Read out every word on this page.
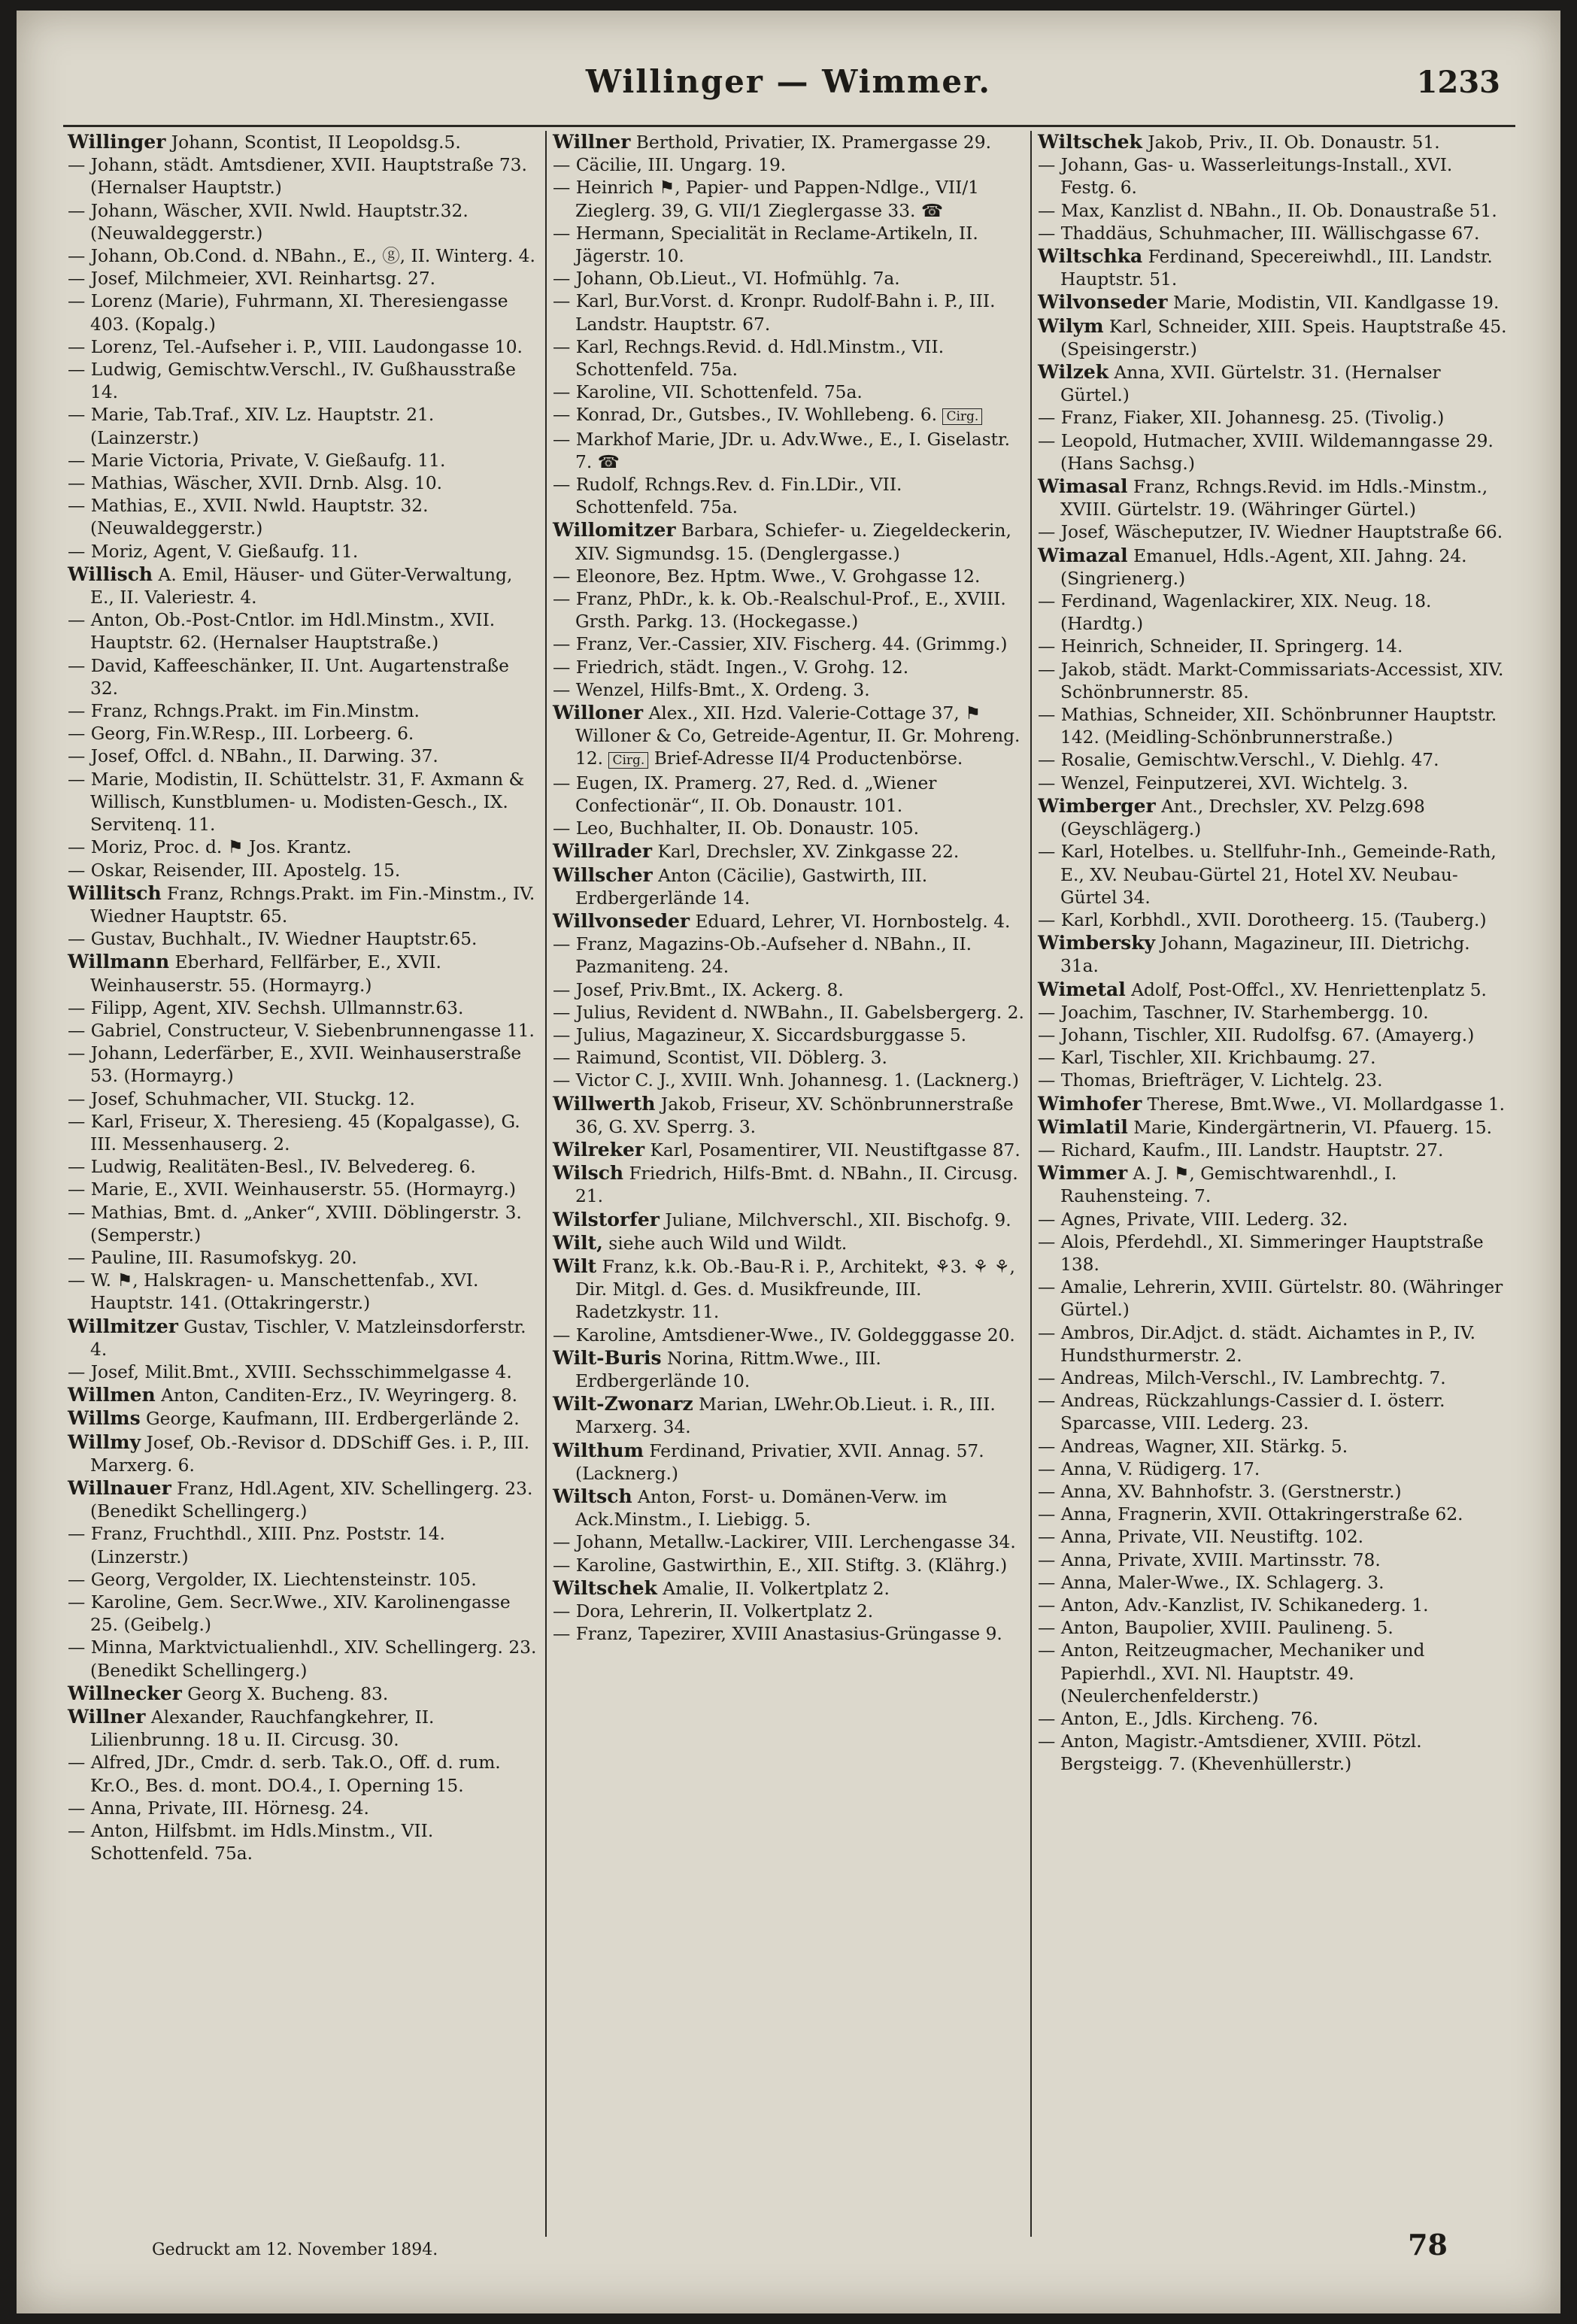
Willinger — Wimmer.	1233
Willinger Johann, Scontist, II Leopoldsg.5.
— Johann, städt. Amtsdiener, XVII. Hauptstraße 73. (Hernalser Hauptstr.)
— Johann, Wäscher, XVII. Nwld. Hauptstr.32. (Neuwaldeggerstr.)
— Johann, Ob.Cond. d. NBahn., E., ⓖ, II. Winterg. 4.
— Josef, Milchmeier, XVI. Reinhartsg. 27.
— Lorenz (Marie), Fuhrmann, XI. Theresiengasse 403. (Kopalg.)
— Lorenz, Tel.-Aufseher i. P., VIII. Laudongasse 10.
— Ludwig, Gemischtw.Verschl., IV. Gußhausstraße 14.
— Marie, Tab.Traf., XIV. Lz. Hauptstr. 21. (Lainzerstr.)
— Marie Victoria, Private, V. Gießaufg. 11.
— Mathias, Wäscher, XVII. Drnb. Alsg. 10.
— Mathias, E., XVII. Nwld. Hauptstr. 32. (Neuwaldeggerstr.)
— Moriz, Agent, V. Gießaufg. 11.
Willisch A. Emil, Häuser- und Güter-Verwaltung, E., II. Valeriestr. 4.
— Anton, Ob.-Post-Cntlor. im Hdl.Minstm., XVII. Hauptstr. 62. (Hernalser Hauptstraße.)
— David, Kaffeeschänker, II. Unt. Augartenstraße 32.
— Franz, Rchngs.Prakt. im Fin.Minstm.
— Georg, Fin.W.Resp., III. Lorbeerg. 6.
— Josef, Offcl. d. NBahn., II. Darwing. 37.
— Marie, Modistin, II. Schüttelstr. 31, F. Axmann & Willisch, Kunstblumen- u. Modisten-Gesch., IX. Servitenq. 11.
— Moriz, Proc. d. ⚑ Jos. Krantz.
— Oskar, Reisender, III. Apostelg. 15.
Willitsch Franz, Rchngs.Prakt. im Fin.-Minstm., IV. Wiedner Hauptstr. 65.
— Gustav, Buchhalt., IV. Wiedner Hauptstr.65.
Willmann Eberhard, Fellfärber, E., XVII. Weinhauserstr. 55. (Hormayrg.)
— Filipp, Agent, XIV. Sechsh. Ullmannstr.63.
— Gabriel, Constructeur, V. Siebenbrunnengasse 11.
— Johann, Lederfärber, E., XVII. Weinhauserstraße 53. (Hormayrg.)
— Josef, Schuhmacher, VII. Stuckg. 12.
— Karl, Friseur, X. Theresieng. 45 (Kopalgasse), G. III. Messenhauserg. 2.
— Ludwig, Realitäten-Besl., IV. Belvedereg. 6.
— Marie, E., XVII. Weinhauserstr. 55. (Hormayrg.)
— Mathias, Bmt. d. „Anker“, XVIII. Döblingerstr. 3. (Semperstr.)
— Pauline, III. Rasumofskyg. 20.
— W. ⚑, Halskragen- u. Manschettenfab., XVI. Hauptstr. 141. (Ottakringerstr.)
Willmitzer Gustav, Tischler, V. Matzleinsdorferstr. 4.
— Josef, Milit.Bmt., XVIII. Sechsschimmelgasse 4.
Willmen Anton, Canditen-Erz., IV. Weyringerg. 8.
Willms George, Kaufmann, III. Erdbergerlände 2.
Willmy Josef, Ob.-Revisor d. DDSchiff Ges. i. P., III. Marxerg. 6.
Willnauer Franz, Hdl.Agent, XIV. Schellingerg. 23. (Benedikt Schellingerg.)
— Franz, Fruchthdl., XIII. Pnz. Poststr. 14. (Linzerstr.)
— Georg, Vergolder, IX. Liechtensteinstr. 105.
— Karoline, Gem. Secr.Wwe., XIV. Karolinengasse 25. (Geibelg.)
— Minna, Marktvictualienhdl., XIV. Schellingerg. 23. (Benedikt Schellingerg.)
Willnecker Georg X. Bucheng. 83.
Willner Alexander, Rauchfangkehrer, II. Lilienbrunng. 18 u. II. Circusg. 30.
— Alfred, JDr., Cmdr. d. serb. Tak.O., Off. d. rum. Kr.O., Bes. d. mont. DO.4., I. Operning 15.
— Anna, Private, III. Hörnesg. 24.
— Anton, Hilfsbmt. im Hdls.Minstm., VII. Schottenfeld. 75a.
Willner Berthold, Privatier, IX. Pramergasse 29.
— Cäcilie, III. Ungarg. 19.
— Heinrich ⚑, Papier- und Pappen-Ndlge., VII/1 Zieglerg. 39, G. VII/1 Zieglergasse 33. ☎
— Hermann, Specialität in Reclame-Artikeln, II. Jägerstr. 10.
— Johann, Ob.Lieut., VI. Hofmühlg. 7a.
— Karl, Bur.Vorst. d. Kronpr. Rudolf-Bahn i. P., III. Landstr. Hauptstr. 67.
— Karl, Rechngs.Revid. d. Hdl.Minstm., VII. Schottenfeld. 75a.
— Karoline, VII. Schottenfeld. 75a.
— Konrad, Dr., Gutsbes., IV. Wohllebeng. 6. Cirg.
— Markhof Marie, JDr. u. Adv.Wwe., E., I. Giselastr. 7. ☎
— Rudolf, Rchngs.Rev. d. Fin.LDir., VII. Schottenfeld. 75a.
Willomitzer Barbara, Schiefer- u. Ziegeldeckerin, XIV. Sigmundsg. 15. (Denglergasse.)
— Eleonore, Bez. Hptm. Wwe., V. Grohgasse 12.
— Franz, PhDr., k. k. Ob.-Realschul-Prof., E., XVIII. Grsth. Parkg. 13. (Hockegasse.)
— Franz, Ver.-Cassier, XIV. Fischerg. 44. (Grimmg.)
— Friedrich, städt. Ingen., V. Grohg. 12.
— Wenzel, Hilfs-Bmt., X. Ordeng. 3.
Willoner Alex., XII. Hzd. Valerie-Cottage 37, ⚑ Willoner & Co, Getreide-Agentur, II. Gr. Mohreng. 12. Cirg. Brief-Adresse II/4 Productenbörse.
— Eugen, IX. Pramerg. 27, Red. d. „Wiener Confectionär“, II. Ob. Donaustr. 101.
— Leo, Buchhalter, II. Ob. Donaustr. 105.
Willrader Karl, Drechsler, XV. Zinkgasse 22.
Willscher Anton (Cäcilie), Gastwirth, III. Erdbergerlände 14.
Willvonseder Eduard, Lehrer, VI. Hornbostelg. 4.
— Franz, Magazins-Ob.-Aufseher d. NBahn., II. Pazmaniteng. 24.
— Josef, Priv.Bmt., IX. Ackerg. 8.
— Julius, Revident d. NWBahn., II. Gabelsbergerg. 2.
— Julius, Magazineur, X. Siccardsburggasse 5.
— Raimund, Scontist, VII. Döblerg. 3.
— Victor C. J., XVIII. Wnh. Johannesg. 1. (Lacknerg.)
Willwerth Jakob, Friseur, XV. Schönbrunnerstraße 36, G. XV. Sperrg. 3.
Wilreker Karl, Posamentirer, VII. Neustiftgasse 87.
Wilsch Friedrich, Hilfs-Bmt. d. NBahn., II. Circusg. 21.
Wilstorfer Juliane, Milchverschl., XII. Bischofg. 9.
Wilt, siehe auch Wild und Wildt.
Wilt Franz, k.k. Ob.-Bau-R i. P., Architekt, ⚘3. ⚘ ⚘, Dir. Mitgl. d. Ges. d. Musikfreunde, III. Radetzkystr. 11.
— Karoline, Amtsdiener-Wwe., IV. Goldegggasse 20.
Wilt-Buris Norina, Rittm.Wwe., III. Erdbergerlände 10.
Wilt-Zwonarz Marian, LWehr.Ob.Lieut. i. R., III. Marxerg. 34.
Wilthum Ferdinand, Privatier, XVII. Annag. 57. (Lacknerg.)
Wiltsch Anton, Forst- u. Domänen-Verw. im Ack.Minstm., I. Liebigg. 5.
— Johann, Metallw.-Lackirer, VIII. Lerchengasse 34.
— Karoline, Gastwirthin, E., XII. Stiftg. 3. (Klährg.)
Wiltschek Amalie, II. Volkertplatz 2.
— Dora, Lehrerin, II. Volkertplatz 2.
— Franz, Tapezirer, XVIII Anastasius-Grüngasse 9.
Wiltschek Jakob, Priv., II. Ob. Donaustr. 51.
— Johann, Gas- u. Wasserleitungs-Install., XVI. Festg. 6.
— Max, Kanzlist d. NBahn., II. Ob. Donaustraße 51.
— Thaddäus, Schuhmacher, III. Wällischgasse 67.
Wiltschka Ferdinand, Specereiwhdl., III. Landstr. Hauptstr. 51.
Wilvonseder Marie, Modistin, VII. Kandlgasse 19.
Wilym Karl, Schneider, XIII. Speis. Hauptstraße 45. (Speisingerstr.)
Wilzek Anna, XVII. Gürtelstr. 31. (Hernalser Gürtel.)
— Franz, Fiaker, XII. Johannesg. 25. (Tivolig.)
— Leopold, Hutmacher, XVIII. Wildemanngasse 29. (Hans Sachsg.)
Wimasal Franz, Rchngs.Revid. im Hdls.-Minstm., XVIII. Gürtelstr. 19. (Währinger Gürtel.)
— Josef, Wäscheputzer, IV. Wiedner Hauptstraße 66.
Wimazal Emanuel, Hdls.-Agent, XII. Jahng. 24. (Singrienerg.)
— Ferdinand, Wagenlackirer, XIX. Neug. 18. (Hardtg.)
— Heinrich, Schneider, II. Springerg. 14.
— Jakob, städt. Markt-Commissariats-Accessist, XIV. Schönbrunnerstr. 85.
— Mathias, Schneider, XII. Schönbrunner Hauptstr. 142. (Meidling-Schönbrunnerstraße.)
— Rosalie, Gemischtw.Verschl., V. Diehlg. 47.
— Wenzel, Feinputzerei, XVI. Wichtelg. 3.
Wimberger Ant., Drechsler, XV. Pelzg.698 (Geyschlägerg.)
— Karl, Hotelbes. u. Stellfuhr-Inh., Gemeinde-Rath, E., XV. Neubau-Gürtel 21, Hotel XV. Neubau-Gürtel 34.
— Karl, Korbhdl., XVII. Dorotheerg. 15. (Tauberg.)
Wimbersky Johann, Magazineur, III. Dietrichg. 31a.
Wimetal Adolf, Post-Offcl., XV. Henriettenplatz 5.
— Joachim, Taschner, IV. Starhembergg. 10.
— Johann, Tischler, XII. Rudolfsg. 67. (Amayerg.)
— Karl, Tischler, XII. Krichbaumg. 27.
— Thomas, Briefträger, V. Lichtelg. 23.
Wimhofer Therese, Bmt.Wwe., VI. Mollardgasse 1.
Wimlatil Marie, Kindergärtnerin, VI. Pfauerg. 15.
— Richard, Kaufm., III. Landstr. Hauptstr. 27.
Wimmer A. J. ⚑, Gemischtwarenhdl., I. Rauhensteing. 7.
— Agnes, Private, VIII. Lederg. 32.
— Alois, Pferdehdl., XI. Simmeringer Hauptstraße 138.
— Amalie, Lehrerin, XVIII. Gürtelstr. 80. (Währinger Gürtel.)
— Ambros, Dir.Adjct. d. städt. Aichamtes in P., IV. Hundsthurmerstr. 2.
— Andreas, Milch-Verschl., IV. Lambrechtg. 7.
— Andreas, Rückzahlungs-Cassier d. I. österr. Sparcasse, VIII. Lederg. 23.
— Andreas, Wagner, XII. Stärkg. 5.
— Anna, V. Rüdigerg. 17.
— Anna, XV. Bahnhofstr. 3. (Gerstnerstr.)
— Anna, Fragnerin, XVII. Ottakringerstraße 62.
— Anna, Private, VII. Neustiftg. 102.
— Anna, Private, XVIII. Martinsstr. 78.
— Anna, Maler-Wwe., IX. Schlagerg. 3.
— Anton, Adv.-Kanzlist, IV. Schikanederg. 1.
— Anton, Baupolier, XVIII. Paulineng. 5.
— Anton, Reitzeugmacher, Mechaniker und Papierhdl., XVI. Nl. Hauptstr. 49. (Neulerchenfelderstr.)
— Anton, E., Jdls. Kircheng. 76.
— Anton, Magistr.-Amtsdiener, XVIII. Pötzl. Bergsteigg. 7. (Khevenhüllerstr.)
Gedruckt am 12. November 1894.	78
